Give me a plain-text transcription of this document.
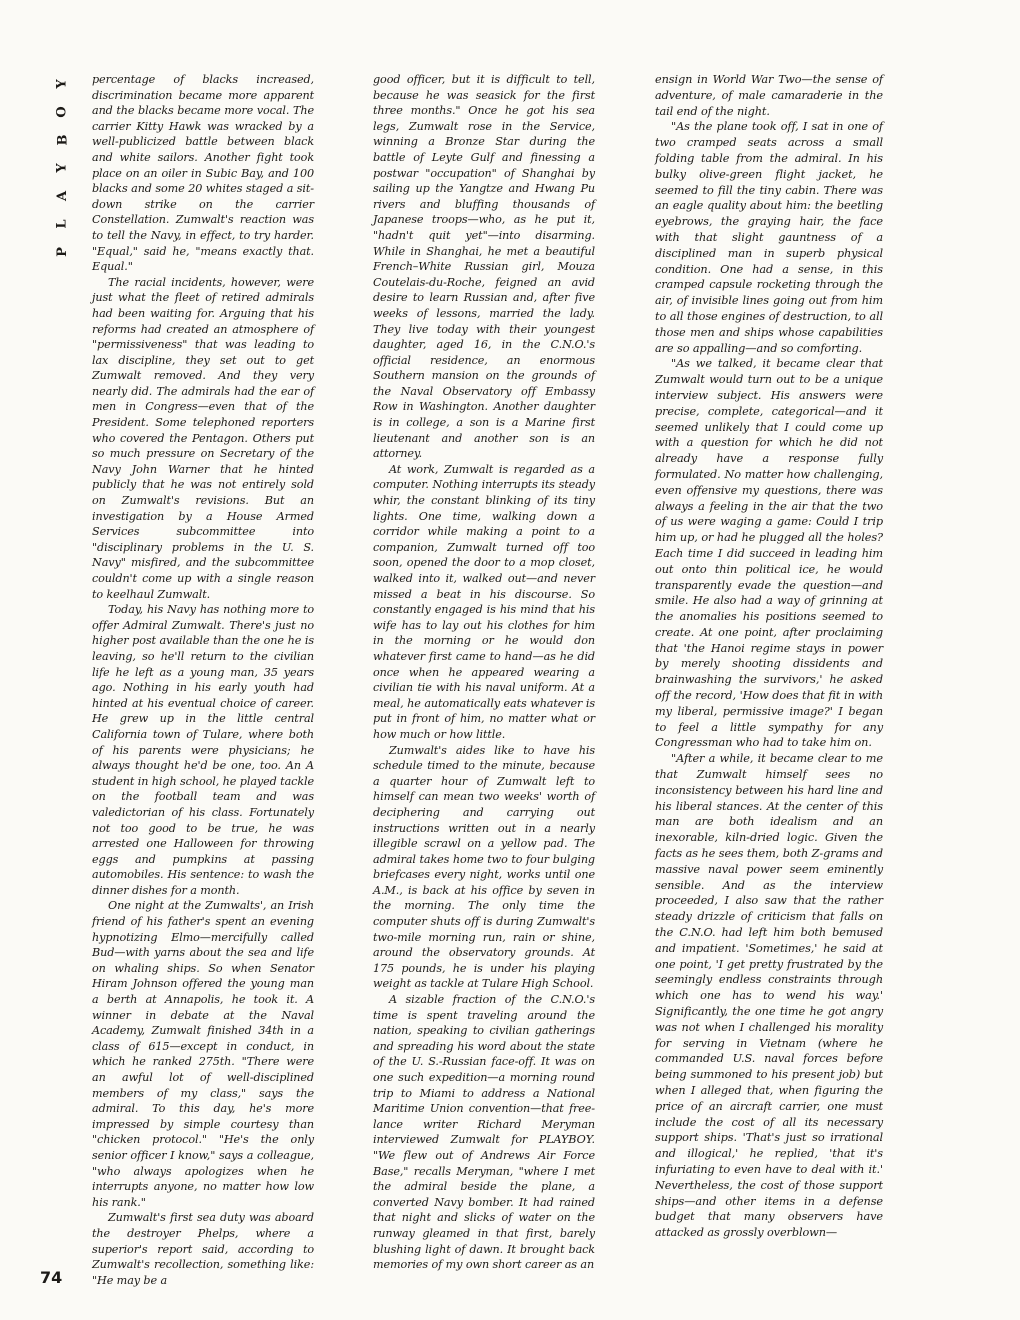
Y
O
B
Y
A
L
P

percentage of blacks increased, discrimination became more apparent and the blacks became more vocal. The carrier Kitty Hawk was wracked by a well-publicized battle between black and white sailors. Another fight took place on an oiler in Subic Bay, and 100 blacks and some 20 whites staged a sit-down strike on the carrier Constellation. Zumwalt's reaction was to tell the Navy, in effect, to try harder. "Equal," said he, "means exactly that. Equal."

The racial incidents, however, were just what the fleet of retired admirals had been waiting for. Arguing that his reforms had created an atmosphere of "permissiveness" that was leading to lax discipline, they set out to get Zumwalt removed. And they very nearly did. The admirals had the ear of men in Congress—even that of the President. Some telephoned reporters who covered the Pentagon. Others put so much pressure on Secretary of the Navy John Warner that he hinted publicly that he was not entirely sold on Zumwalt's revisions. But an investigation by a House Armed Services subcommittee into "disciplinary problems in the U. S. Navy" misfired, and the subcommittee couldn't come up with a single reason to keelhaul Zumwalt.

Today, his Navy has nothing more to offer Admiral Zumwalt. There's just no higher post available than the one he is leaving, so he'll return to the civilian life he left as a young man, 35 years ago. Nothing in his early youth had hinted at his eventual choice of career. He grew up in the little central California town of Tulare, where both of his parents were physicians; he always thought he'd be one, too. An A student in high school, he played tackle on the football team and was valedictorian of his class. Fortunately not too good to be true, he was arrested one Halloween for throwing eggs and pumpkins at passing automobiles. His sentence: to wash the dinner dishes for a month.

One night at the Zumwalts', an Irish friend of his father's spent an evening hypnotizing Elmo—mercifully called Bud—with yarns about the sea and life on whaling ships. So when Senator Hiram Johnson offered the young man a berth at Annapolis, he took it. A winner in debate at the Naval Academy, Zumwalt finished 34th in a class of 615—except in conduct, in which he ranked 275th. "There were an awful lot of well-disciplined members of my class," says the admiral. To this day, he's more impressed by simple courtesy than "chicken protocol." "He's the only senior officer I know," says a colleague, "who always apologizes when he interrupts anyone, no matter how low his rank."

Zumwalt's first sea duty was aboard the destroyer Phelps, where a superior's report said, according to Zumwalt's recollection, something like: "He may be a

good officer, but it is difficult to tell, because he was seasick for the first three months." Once he got his sea legs, Zumwalt rose in the Service, winning a Bronze Star during the battle of Leyte Gulf and finessing a postwar "occupation" of Shanghai by sailing up the Yangtze and Hwang Pu rivers and bluffing thousands of Japanese troops—who, as he put it, "hadn't quit yet"—into disarming. While in Shanghai, he met a beautiful French–White Russian girl, Mouza Coutelais-du-Roche, feigned an avid desire to learn Russian and, after five weeks of lessons, married the lady. They live today with their youngest daughter, aged 16, in the C.N.O.'s official residence, an enormous Southern mansion on the grounds of the Naval Observatory off Embassy Row in Washington. Another daughter is in college, a son is a Marine first lieutenant and another son is an attorney.

At work, Zumwalt is regarded as a computer. Nothing interrupts its steady whir, the constant blinking of its tiny lights. One time, walking down a corridor while making a point to a companion, Zumwalt turned off too soon, opened the door to a mop closet, walked into it, walked out—and never missed a beat in his discourse. So constantly engaged is his mind that his wife has to lay out his clothes for him in the morning or he would don whatever first came to hand—as he did once when he appeared wearing a civilian tie with his naval uniform. At a meal, he automatically eats whatever is put in front of him, no matter what or how much or how little.

Zumwalt's aides like to have his schedule timed to the minute, because a quarter hour of Zumwalt left to himself can mean two weeks' worth of deciphering and carrying out instructions written out in a nearly illegible scrawl on a yellow pad. The admiral takes home two to four bulging briefcases every night, works until one A.M., is back at his office by seven in the morning. The only time the computer shuts off is during Zumwalt's two-mile morning run, rain or shine, around the observatory grounds. At 175 pounds, he is under his playing weight as tackle at Tulare High School.

A sizable fraction of the C.N.O.'s time is spent traveling around the nation, speaking to civilian gatherings and spreading his word about the state of the U. S.-Russian face-off. It was on one such expedition—a morning round trip to Miami to address a National Maritime Union convention—that free-lance writer Richard Meryman interviewed Zumwalt for PLAYBOY. "We flew out of Andrews Air Force Base," recalls Meryman, "where I met the admiral beside the plane, a converted Navy bomber. It had rained that night and slicks of water on the runway gleamed in that first, barely blushing light of dawn. It brought back memories of my own short career as an

ensign in World War Two—the sense of adventure, of male camaraderie in the tail end of the night.

"As the plane took off, I sat in one of two cramped seats across a small folding table from the admiral. In his bulky olive-green flight jacket, he seemed to fill the tiny cabin. There was an eagle quality about him: the beetling eyebrows, the graying hair, the face with that slight gauntness of a disciplined man in superb physical condition. One had a sense, in this cramped capsule rocketing through the air, of invisible lines going out from him to all those engines of destruction, to all those men and ships whose capabilities are so appalling—and so comforting.

"As we talked, it became clear that Zumwalt would turn out to be a unique interview subject. His answers were precise, complete, categorical—and it seemed unlikely that I could come up with a question for which he did not already have a response fully formulated. No matter how challenging, even offensive my questions, there was always a feeling in the air that the two of us were waging a game: Could I trip him up, or had he plugged all the holes? Each time I did succeed in leading him out onto thin political ice, he would transparently evade the question—and smile. He also had a way of grinning at the anomalies his positions seemed to create. At one point, after proclaiming that 'the Hanoi regime stays in power by merely shooting dissidents and brainwashing the survivors,' he asked off the record, 'How does that fit in with my liberal, permissive image?' I began to feel a little sympathy for any Congressman who had to take him on.

"After a while, it became clear to me that Zumwalt himself sees no inconsistency between his hard line and his liberal stances. At the center of this man are both idealism and an inexorable, kiln-dried logic. Given the facts as he sees them, both Z-grams and massive naval power seem eminently sensible. And as the interview proceeded, I also saw that the rather steady drizzle of criticism that falls on the C.N.O. had left him both bemused and impatient. 'Sometimes,' he said at one point, 'I get pretty frustrated by the seemingly endless constraints through which one has to wend his way.' Significantly, the one time he got angry was not when I challenged his morality for serving in Vietnam (where he commanded U.S. naval forces before being summoned to his present job) but when I alleged that, when figuring the price of an aircraft carrier, one must include the cost of all its necessary support ships. 'That's just so irrational and illogical,' he replied, 'that it's infuriating to even have to deal with it.' Nevertheless, the cost of those support ships—and other items in a defense budget that many observers have attacked as grossly overblown—

74
